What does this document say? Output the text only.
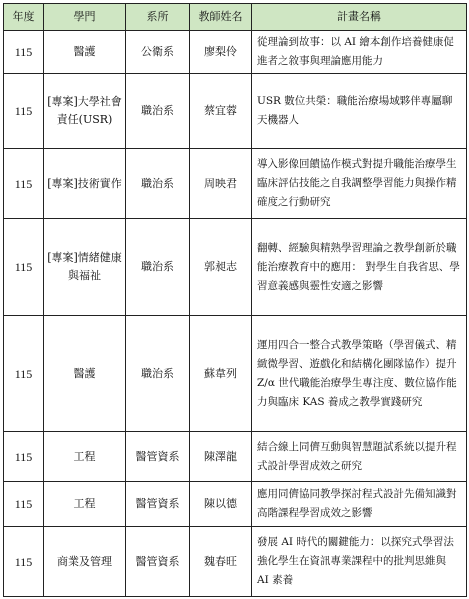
年度	學門	系所	教師姓名	計畫名稱
115	醫護	公衛系	廖梨伶	從理論到故事：以 AI 繪本創作培養健康促進者之敘事與理論應用能力
115	[專案]大學社會責任(USR)	職治系	蔡宜蓉	USR 數位共榮：職能治療場域夥伴專屬聊天機器人
115	[專案]技術實作	職治系	周映君	導入影像回饋協作模式對提升職能治療學生臨床評估技能之自我調整學習能力與操作精確度之行動研究
115	[專案]情緒健康與福祉	職治系	郭昶志	翻轉、經驗與精熟學習理論之教學創新於職能治療教育中的應用： 對學生自我省思、學習意義感與靈性安適之影響
115	醫護	職治系	蘇韋列	運用四合一整合式教學策略（學習儀式、精緻微學習、遊戲化和結構化團隊協作）提升 Z/α 世代職能治療學生專注度、數位協作能力與臨床 KAS 養成之教學實踐研究
115	工程	醫管資系	陳澤龍	結合線上同儕互動與智慧題試系統以提升程式設計學習成效之研究
115	工程	醫管資系	陳以德	應用同儕協同教學探討程式設計先備知識對高階課程學習成效之影響
115	商業及管理	醫管資系	魏春旺	發展 AI 時代的關鍵能力：以探究式學習法強化學生在資訊專業課程中的批判思維與 AI 素養
